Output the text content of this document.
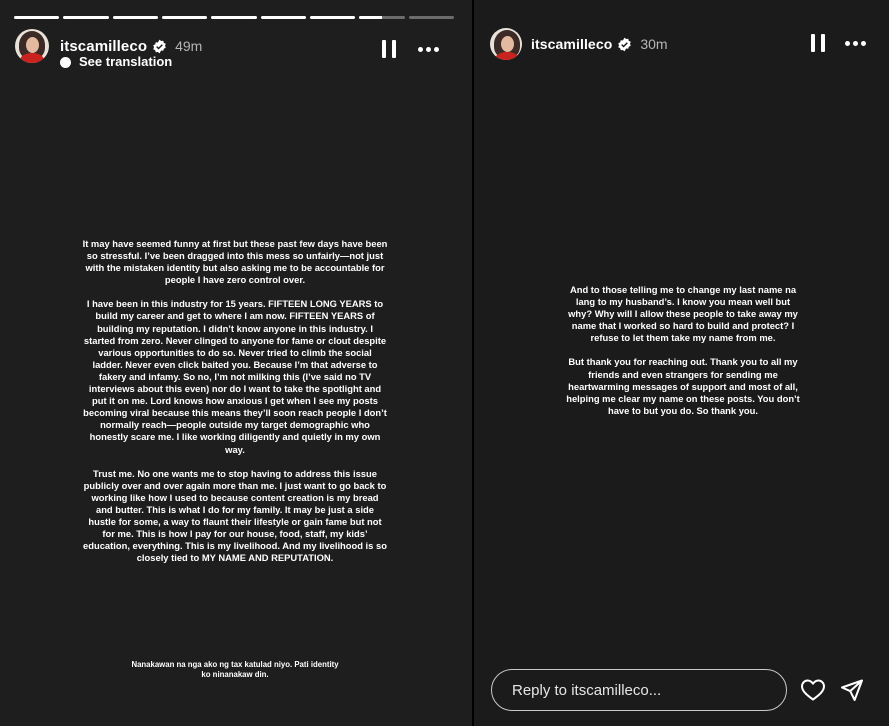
itscamilleco 49m
See translation

It may have seemed funny at first but these past few days have been so stressful. I’ve been dragged into this mess so unfairly—not just with the mistaken identity but also asking me to be accountable for people I have zero control over.

I have been in this industry for 15 years. FIFTEEN LONG YEARS to build my career and get to where I am now. FIFTEEN YEARS of building my reputation. I didn’t know anyone in this industry. I started from zero. Never clinged to anyone for fame or clout despite various opportunities to do so. Never tried to climb the social ladder. Never even click baited you. Because I’m that adverse to fakery and infamy. So no, I’m not milking this (I’ve said no TV interviews about this even) nor do I want to take the spotlight and put it on me. Lord knows how anxious I get when I see my posts becoming viral because this means they’ll soon reach people I don’t normally reach—people outside my target demographic who honestly scare me. I like working diligently and quietly in my own way.

Trust me. No one wants me to stop having to address this issue publicly over and over again more than me. I just want to go back to working like how I used to because content creation is my bread and butter. This is what I do for my family. It may be just a side hustle for some, a way to flaunt their lifestyle or gain fame but not for me. This is how I pay for our house, food, staff, my kids’ education, everything. This is my livelihood. And my livelihood is so closely tied to MY NAME AND REPUTATION.

Nanakawan na nga ako ng tax katulad niyo. Pati identity ko ninanakaw din.
itscamilleco 30m

And to those telling me to change my last name na lang to my husband’s. I know you mean well but why? Why will I allow these people to take away my name that I worked so hard to build and protect? I refuse to let them take my name from me.

But thank you for reaching out. Thank you to all my friends and even strangers for sending me heartwarming messages of support and most of all, helping me clear my name on these posts. You don’t have to but you do. So thank you.

Reply to itscamilleco...
